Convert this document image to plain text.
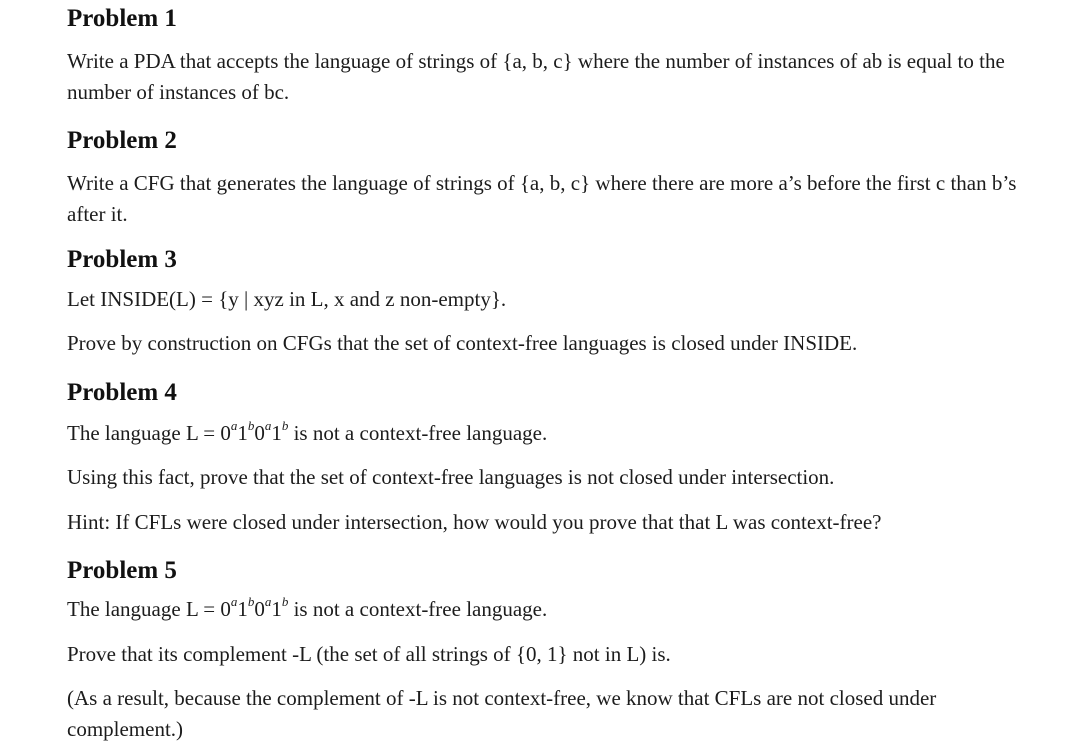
Problem 1

Write a PDA that accepts the language of strings of {a, b, c} where the number of instances of ab is equal to the number of instances of bc.

Problem 2

Write a CFG that generates the language of strings of {a, b, c} where there are more a’s before the first c than b’s after it.

Problem 3

Let INSIDE(L) = {y | xyz in L, x and z non-empty}.

Prove by construction on CFGs that the set of context-free languages is closed under INSIDE.

Problem 4

The language $L = 0^a1^b0^a1^b$ is not a context-free language.

Using this fact, prove that the set of context-free languages is not closed under intersection.

Hint: If CFLs were closed under intersection, how would you prove that that L was context-free?

Problem 5

The language $L = 0^a1^b0^a1^b$ is not a context-free language.

Prove that its complement -L (the set of all strings of {0, 1} not in L) is.

(As a result, because the complement of -L is not context-free, we know that CFLs are not closed under complement.)
